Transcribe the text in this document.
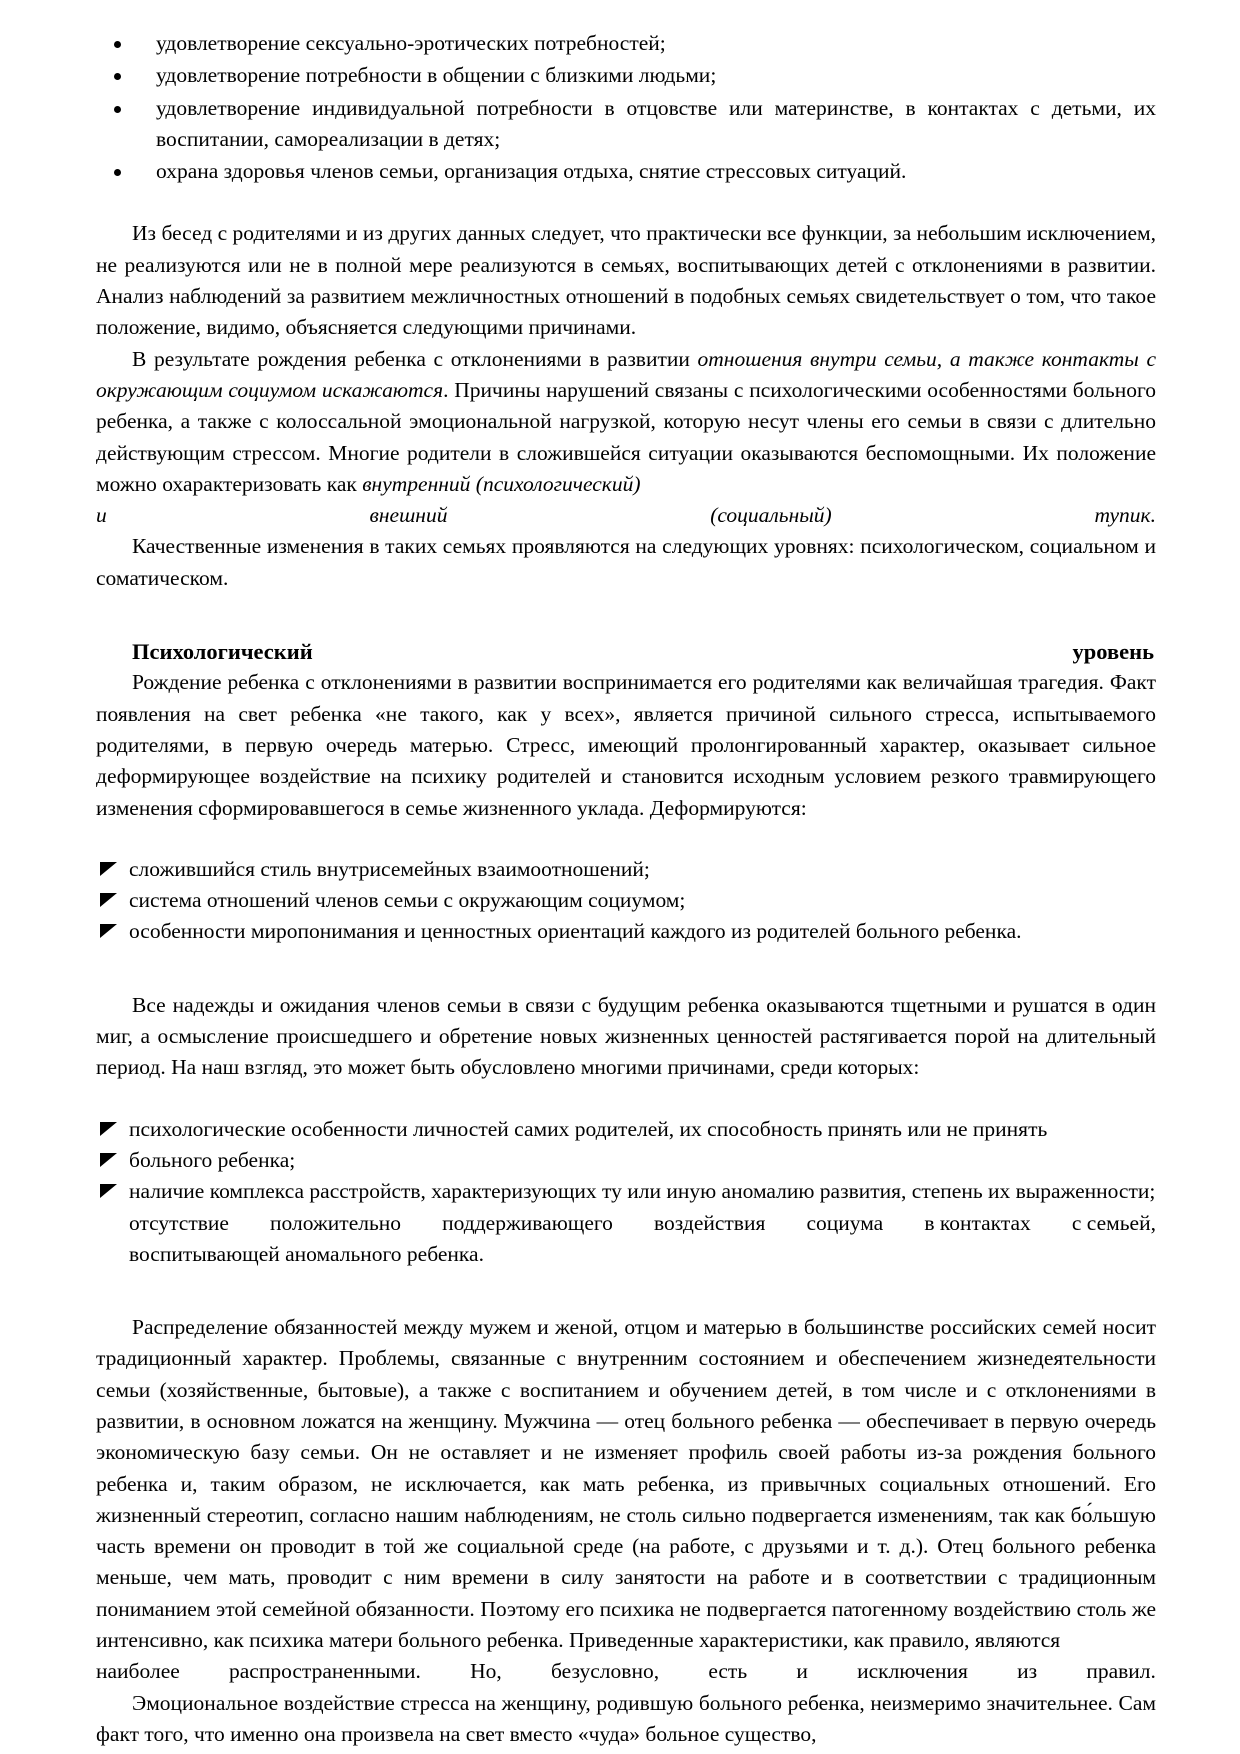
удовлетворение сексуально-эротических потребностей;
удовлетворение потребности в общении с близкими людьми;
удовлетворение индивидуальной потребности в отцовстве или материнстве, в контактах с детьми, их воспитании, самореализации в детях;
охрана здоровья членов семьи, организация отдыха, снятие стрессовых ситуаций.

Из бесед с родителями и из других данных следует, что практически все функции, за небольшим исключением, не реализуются или не в полной мере реализуются в семьях, воспитывающих детей с отклонениями в развитии. Анализ наблюдений за развитием межличностных отношений в подобных семьях свидетельствует о том, что такое положение, видимо, объясняется следующими причинами.

В результате рождения ребенка с отклонениями в развитии отношения внутри семьи, а также контакты с окружающим социумом искажаются. Причины нарушений связаны с психологическими особенностями больного ребенка, а также с колоссальной эмоциональной нагрузкой, которую несут члены его семьи в связи с длительно действующим стрессом. Многие родители в сложившейся ситуации оказываются беспомощными. Их положение можно охарактеризовать как внутренний (психологический)

и	внешний	(социальный)	тупик.

Качественные изменения в таких семьях проявляются на следующих уровнях: психологическом, социальном и соматическом.

Психологический	уровень

Рождение ребенка с отклонениями в развитии воспринимается его родителями как величайшая трагедия. Факт появления на свет ребенка «не такого, как у всех», является причиной сильного стресса, испытываемого родителями, в первую очередь матерью. Стресс, имеющий пролонгированный характер, оказывает сильное деформирующее воздействие на психику родителей и становится исходным условием резкого травмирующего изменения сформировавшегося в семье жизненного уклада. Деформируются:

сложившийся стиль внутрисемейных взаимоотношений;
система отношений членов семьи с окружающим социумом;
особенности миропонимания и ценностных ориентаций каждого из родителей больного ребенка.

Все надежды и ожидания членов семьи в связи с будущим ребенка оказываются тщетными и рушатся в один миг, а осмысление происшедшего и обретение новых жизненных ценностей растягивается порой на длительный период. На наш взгляд, это может быть обусловлено многими причинами, среди которых:

психологические особенности личностей самих родителей, их способность принять или не принять
больного ребенка;
наличие комплекса расстройств, характеризующих ту или иную аномалию развития, степень их выраженности;
отсутствие положительно поддерживающего воздействия социума в контактах с семьей,
воспитывающей аномального ребенка.

Распределение обязанностей между мужем и женой, отцом и матерью в большинстве российских семей носит традиционный характер. Проблемы, связанные с внутренним состоянием и обеспечением жизнедеятельности семьи (хозяйственные, бытовые), а также с воспитанием и обучением детей, в том числе и с отклонениями в развитии, в основном ложатся на женщину. Мужчина — отец больного ребенка — обеспечивает в первую очередь экономическую базу семьи. Он не оставляет и не изменяет профиль своей работы из-за рождения больного ребенка и, таким образом, не исключается, как мать ребенка, из привычных социальных отношений. Его жизненный стереотип, согласно нашим наблюдениям, не столь сильно подвергается изменениям, так как бо́льшую часть времени он проводит в той же социальной среде (на работе, с друзьями и т. д.). Отец больного ребенка меньше, чем мать, проводит с ним времени в силу занятости на работе и в соответствии с традиционным пониманием этой семейной обязанности. Поэтому его психика не подвергается патогенному воздействию столь же интенсивно, как психика матери больного ребенка. Приведенные характеристики, как правило, являются

наиболее распространенными. Но, безусловно, есть и исключения из правил.

Эмоциональное воздействие стресса на женщину, родившую больного ребенка, неизмеримо значительнее. Сам факт того, что именно она произвела на свет вместо «чуда» больное существо,
